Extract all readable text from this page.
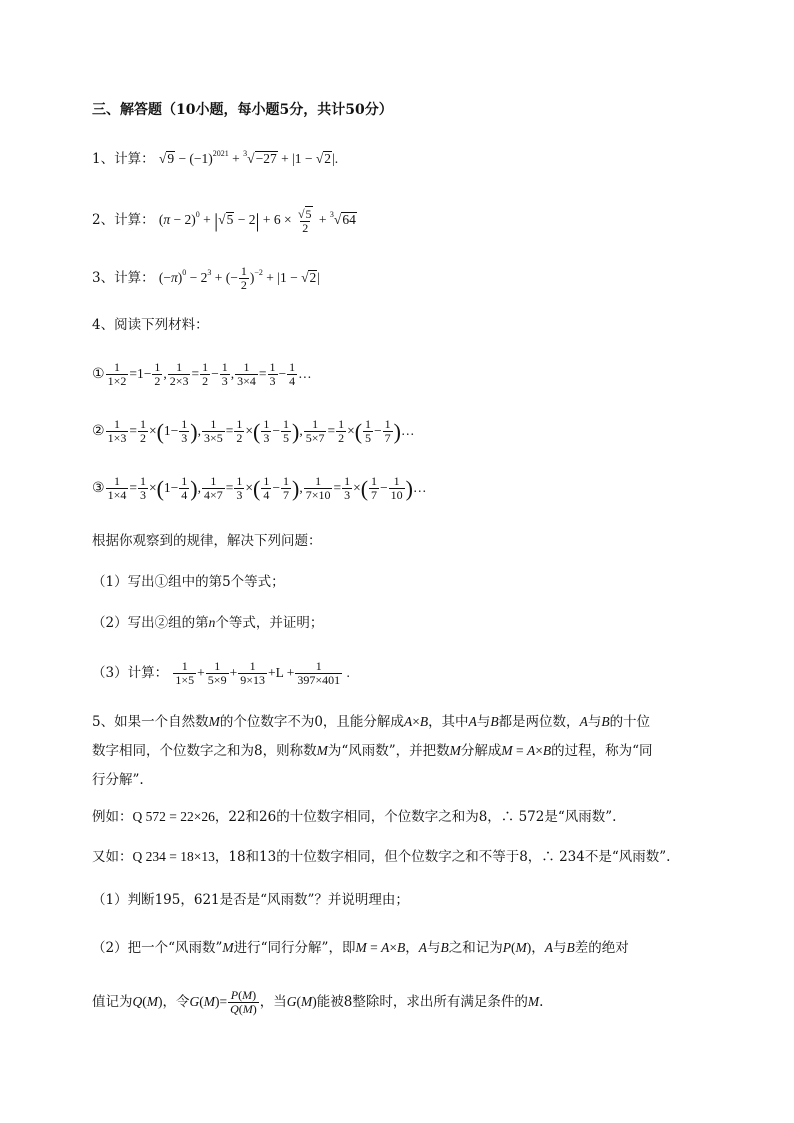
三、解答题（10小题，每小题5分，共计50分）
1、计算： $√9 - (-1)^{2021} + ^3√-27 + |1 - √2|$.
2、计算： $(\pi - 2)^0 + |√5 - 2| + 6 \times \frac{√5}{2} + ^3√64$
3、计算： $(-\pi)^0 - 2^3$ + (− $\frac{1}{2} )^{-2} + |1 - √2|$
4、阅读下列材料：
① $\frac{1}{1\times 2} =1- \frac{1}{2}$ , $\frac{1}{2\times 3} = \frac{1}{2} - \frac{1}{3}$ , $\frac{1}{3\times 4} = \frac{1}{3} - \frac{1}{4}$ …
② $\frac{1}{1\times 3} = \frac{1}{2} \times(1- \frac{1}{3}$ ), $\frac{1}{3\times 5} = \frac{1}{2}$ ×( $\frac{1}{3} - \frac{1}{5}$ ), $\frac{1}{5\times 7} = \frac{1}{2}$ ×( $\frac{1}{5} - \frac{1}{7}$ )…
③ $\frac{1}{1\times 4} = \frac{1}{3} \times(1- \frac{1}{4}$ ), $\frac{1}{4\times 7} = \frac{1}{3}$ ×( $\frac{1}{4} - \frac{1}{7}$ ), $\frac{1}{7\times 10} = \frac{1}{3}$ ×( $\frac{1}{7} - \frac{1}{10}$ )…
根据你观察到的规律，解决下列问题：
（1）写出①组中的第5个等式；
（2）写出②组的第n个等式，并证明；
（3）计算： $\frac{1}{1\times 5} + \frac{1}{5\times 9} + \frac{1}{9\times 13} +L + \frac{1}{397\times 401}$ .
5、如果一个自然数M的个位数字不为0，且能分解成A×B，其中A与B都是两位数，A与B的十位
数字相同，个位数字之和为8，则称数M为“风雨数”，并把数M分解成M = A×B的过程，称为“同
行分解”.
例如：Q 572 = 22×26，22和26的十位数字相同，个位数字之和为8，∴ 572是“风雨数”.
又如：Q 234 = 18×13，18和13的十位数字相同，但个位数字之和不等于8，∴ 234不是“风雨数”.
（1）判断195，621是否是“风雨数”？并说明理由；
（2）把一个“风雨数”M进行“同行分解”，即M = A×B，A与B之和记为P(M)，A与B差的绝对
值记为Q(M)，令$G(M)= \frac{P(M)}{Q(M)}$ ，当G(M)能被8整除时，求出所有满足条件的M.
